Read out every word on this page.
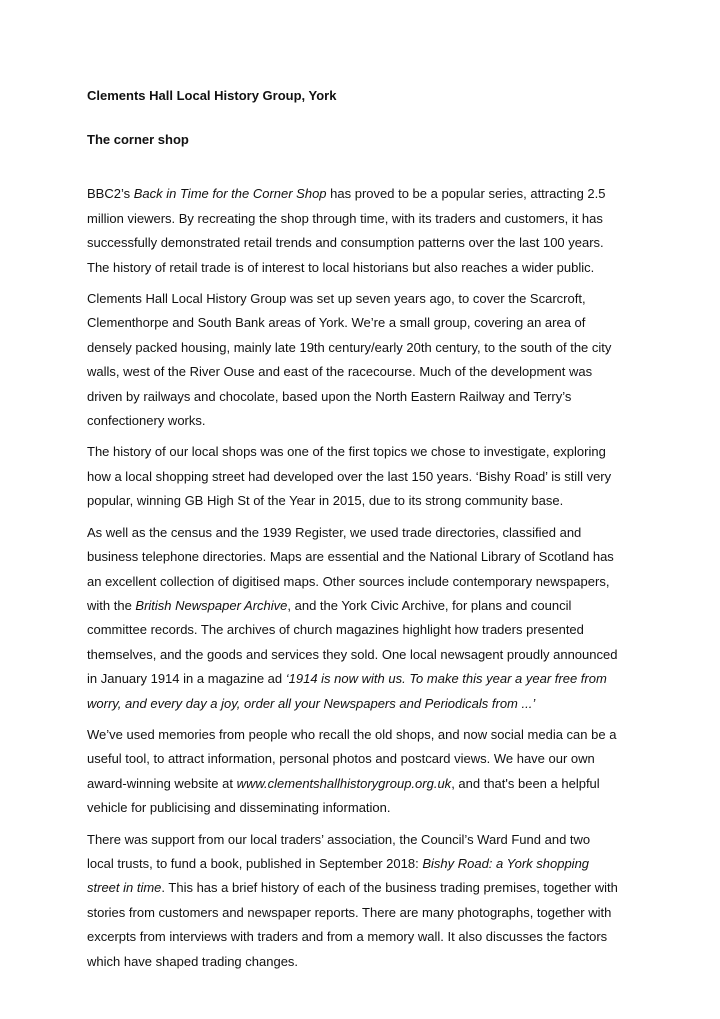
Clements Hall Local History Group, York
The corner shop

BBC2’s Back in Time for the Corner Shop has proved to be a popular series, attracting 2.5
million viewers. By recreating the shop through time, with its traders and customers, it has
successfully demonstrated retail trends and consumption patterns over the last 100 years.
The history of retail trade is of interest to local historians but also reaches a wider public.

Clements Hall Local History Group was set up seven years ago, to cover the Scarcroft,
Clementhorpe and South Bank areas of York. We’re a small group, covering an area of
densely packed housing, mainly late 19th century/early 20th century, to the south of the city
walls, west of the River Ouse and east of the racecourse. Much of the development was
driven by railways and chocolate, based upon the North Eastern Railway and Terry’s
confectionery works.

The history of our local shops was one of the first topics we chose to investigate, exploring
how a local shopping street had developed over the last 150 years. ‘Bishy Road’ is still very
popular, winning GB High St of the Year in 2015, due to its strong community base.

As well as the census and the 1939 Register, we used trade directories, classified and
business telephone directories. Maps are essential and the National Library of Scotland has
an excellent collection of digitised maps. Other sources include contemporary newspapers,
with the British Newspaper Archive, and the York Civic Archive, for plans and council
committee records. The archives of church magazines highlight how traders presented
themselves, and the goods and services they sold. One local newsagent proudly announced
in January 1914 in a magazine ad ‘1914 is now with us. To make this year a year free from
worry, and every day a joy, order all your Newspapers and Periodicals from ...’

We’ve used memories from people who recall the old shops, and now social media can be a
useful tool, to attract information, personal photos and postcard views. We have our own
award-winning website at www.clementshallhistorygroup.org.uk, and that's been a helpful
vehicle for publicising and disseminating information.

There was support from our local traders’ association, the Council’s Ward Fund and two
local trusts, to fund a book, published in September 2018: Bishy Road: a York shopping
street in time. This has a brief history of each of the business trading premises, together with
stories from customers and newspaper reports. There are many photographs, together with
excerpts from interviews with traders and from a memory wall. It also discusses the factors
which have shaped trading changes.
